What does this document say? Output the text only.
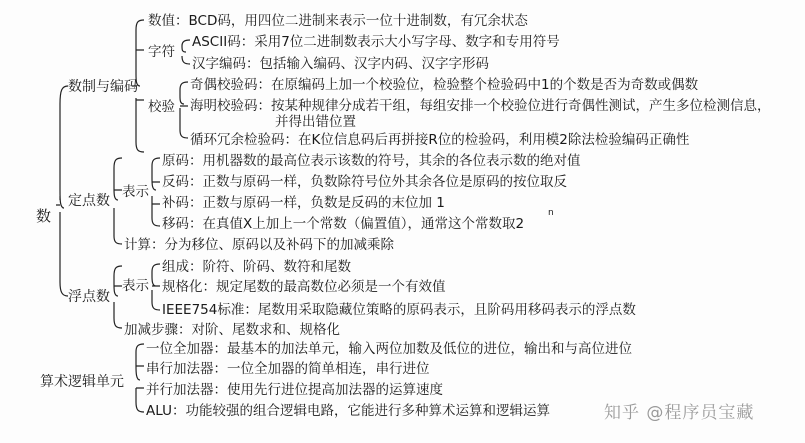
数
数制与编码
数值：BCD码，用四位二进制来表示一位十进制数，有冗余状态
字符
ASCII码：采用7位二进制数表示大小写字母、数字和专用符号
汉字编码：包括输入编码、汉字内码、汉字字形码
校验
奇偶校验码：在原编码上加一个校验位，检验整个检验码中1的个数是否为奇数或偶数
海明校验码：按某种规律分成若干组，每组安排一个校验位进行奇偶性测试，产生多位检测信息，
并得出错位置
循环冗余检验码：在K位信息码后再拼接R位的检验码，利用模2除法检验编码正确性
定点数
表示
原码：用机器数的最高位表示该数的符号，其余的各位表示数的绝对值
反码：正数与原码一样，负数除符号位外其余各位是原码的按位取反
补码：正数与原码一样，负数是反码的末位加 1
移码：在真值X上加上一个常数（偏置值），通常这个常数取2
n
计算：分为移位、原码以及补码下的加减乘除
浮点数
表示
组成：阶符、阶码、数符和尾数
规格化：规定尾数的最高数位必须是一个有效值
IEEE754标准：尾数用采取隐藏位策略的原码表示，且阶码用移码表示的浮点数
加减步骤：对阶、尾数求和、规格化
算术逻辑单元
一位全加器：最基本的加法单元，输入两位加数及低位的进位，输出和与高位进位
串行加法器：一位全加器的简单相连，串行进位
并行加法器：使用先行进位提高加法器的运算速度
ALU：功能较强的组合逻辑电路，它能进行多种算术运算和逻辑运算	知乎 @程序员宝藏
